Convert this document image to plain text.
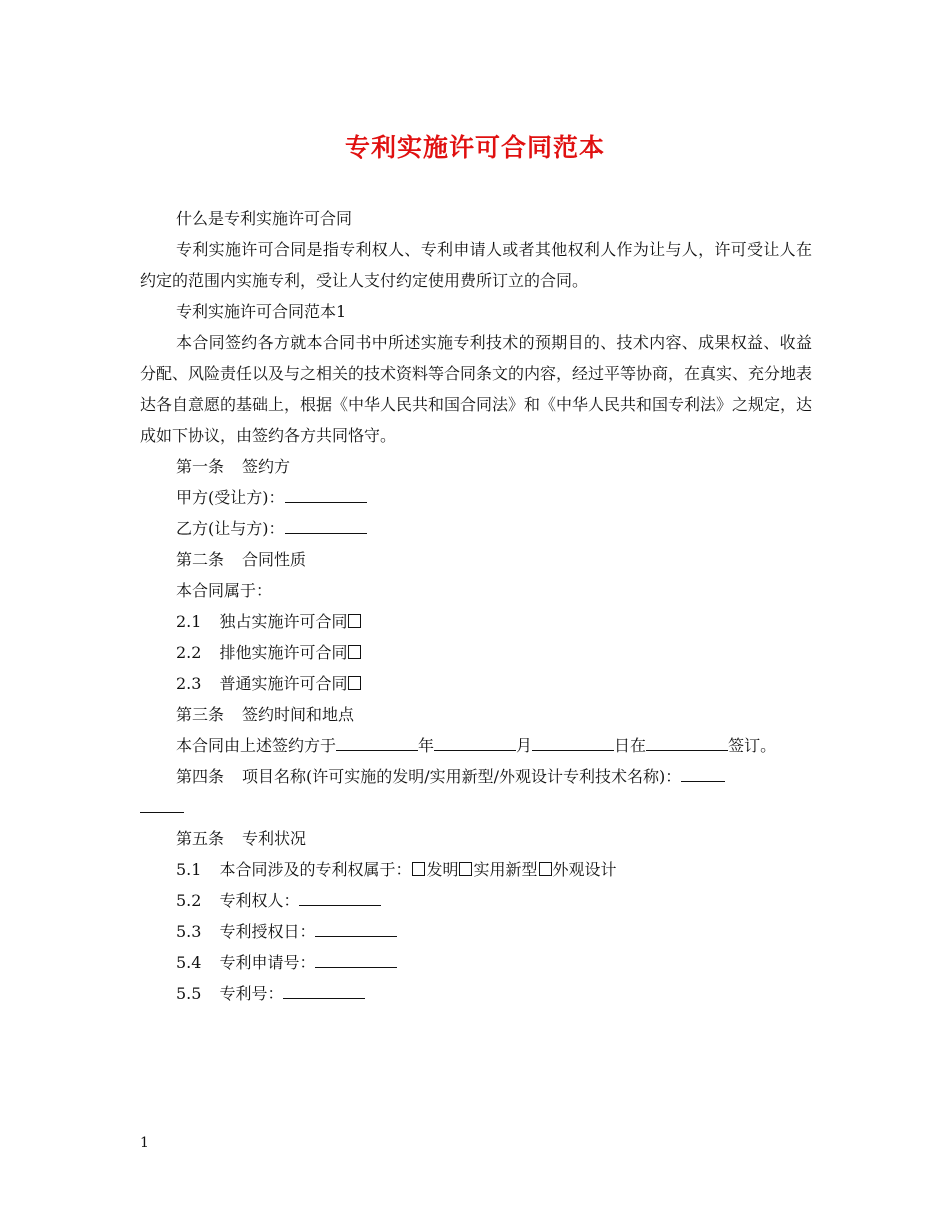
专利实施许可合同范本

什么是专利实施许可合同

专利实施许可合同是指专利权人、专利申请人或者其他权利人作为让与人，许可受让人在约定的范围内实施专利，受让人支付约定使用费所订立的合同。

专利实施许可合同范本1

本合同签约各方就本合同书中所述实施专利技术的预期目的、技术内容、成果权益、收益分配、风险责任以及与之相关的技术资料等合同条文的内容，经过平等协商，在真实、充分地表达各自意愿的基础上，根据《中华人民共和国合同法》和《中华人民共和国专利法》之规定，达成如下协议，由签约各方共同恪守。

第一条 签约方

甲方(受让方)：

乙方(让与方)：

第二条 合同性质

本合同属于：

2.1 独占实施许可合同

2.2 排他实施许可合同

2.3 普通实施许可合同

第三条 签约时间和地点

本合同由上述签约方于	年	月	日在	签订。

第四条 项目名称(许可实施的发明/实用新型/外观设计专利技术名称)：

第五条 专利状况

5.1 本合同涉及的专利权属于： 发明 实用新型 外观设计

5.2 专利权人：

5.3 专利授权日：

5.4 专利申请号：

5.5 专利号：

1
